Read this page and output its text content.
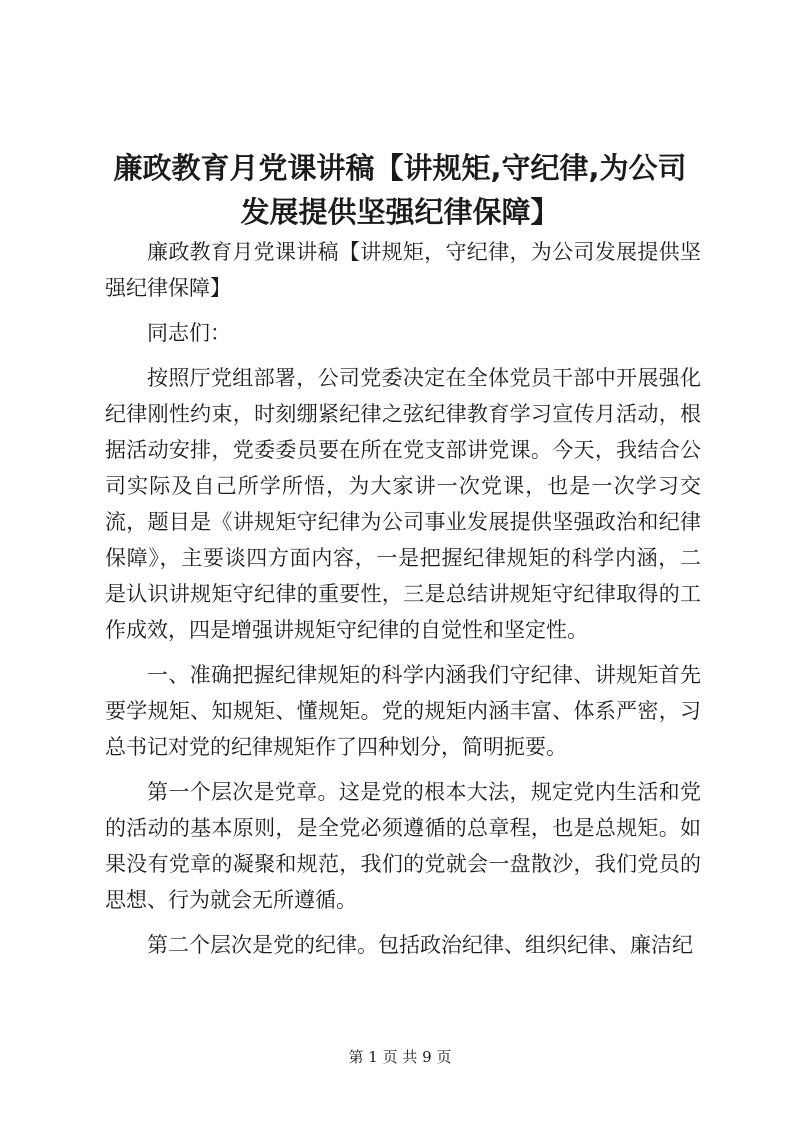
廉政教育月党课讲稿【讲规矩,守纪律,为公司
发展提供坚强纪律保障】

廉政教育月党课讲稿【讲规矩，守纪律，为公司发展提供坚强纪律保障】

同志们：

按照厅党组部署，公司党委决定在全体党员干部中开展强化纪律刚性约束，时刻绷紧纪律之弦纪律教育学习宣传月活动，根据活动安排，党委委员要在所在党支部讲党课。今天，我结合公司实际及自己所学所悟，为大家讲一次党课，也是一次学习交流，题目是《讲规矩守纪律为公司事业发展提供坚强政治和纪律保障》，主要谈四方面内容，一是把握纪律规矩的科学内涵，二是认识讲规矩守纪律的重要性，三是总结讲规矩守纪律取得的工作成效，四是增强讲规矩守纪律的自觉性和坚定性。

一、准确把握纪律规矩的科学内涵我们守纪律、讲规矩首先要学规矩、知规矩、懂规矩。党的规矩内涵丰富、体系严密，习总书记对党的纪律规矩作了四种划分，简明扼要。

第一个层次是党章。这是党的根本大法，规定党内生活和党的活动的基本原则，是全党必须遵循的总章程，也是总规矩。如果没有党章的凝聚和规范，我们的党就会一盘散沙，我们党员的思想、行为就会无所遵循。

第二个层次是党的纪律。包括政治纪律、组织纪律、廉洁纪

第 1 页 共 9 页
